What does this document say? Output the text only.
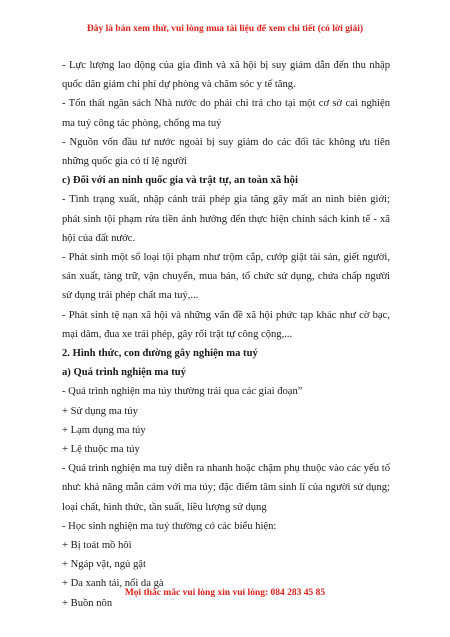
Đây là bản xem thử, vui lòng mua tài liệu để xem chi tiết (có lời giải)

- Lực lượng lao động của gia đình và xã hội bị suy giảm dẫn đến thu nhập quốc dân giảm chi phí dự phòng và chăm sóc y tế tăng.

- Tổn thất ngân sách Nhà nước do phải chi trả cho tại một cơ sở cai nghiện ma tuý công tác phòng, chống ma tuý

- Nguồn vốn đầu tư nước ngoài bị suy giảm do các đối tác không ưu tiên những quốc gia có tỉ lệ người

c) Đối với an ninh quốc gia và trật tự, an toàn xã hội

- Tình trạng xuất, nhập cảnh trái phép gia tăng gây mất an ninh biên giới; phát sinh tội phạm rửa tiền ảnh hưởng đến thực hiện chính sách kinh tế - xã hội của đất nước.

- Phát sinh một số loại tội phạm như trộm cắp, cướp giật tài sản, giết người, sản xuất, tàng trữ, vận chuyển, mua bán, tổ chức sử dụng, chứa chấp người sử dụng trái phép chất ma tuý,...

- Phát sinh tệ nạn xã hội và những vấn đề xã hội phức tạp khác như cờ bạc, mại dâm, đua xe trái phép, gây rối trật tự công cộng,...

2. Hình thức, con đường gây nghiện ma tuý

a) Quá trình nghiện ma tuý

- Quá trình nghiện ma túy thường trải qua các giai đoạn”

+ Sử dụng ma túy

+ Lạm dụng ma túy

+ Lệ thuộc ma túy

- Quá trình nghiện ma tuý diễn ra nhanh hoặc chậm phụ thuộc vào các yếu tố như: khả năng mẫn cảm với ma túy; đặc điểm tâm sinh lí của người sử dụng; loại chất, hình thức, tần suất, liều lượng sử dụng

- Học sinh nghiện ma tuý thường có các biểu hiện:

+ Bị toát mồ hôi

+ Ngáp vặt, ngủ gật

+ Da xanh tái, nổi da gà

+ Buồn nôn

Mọi thắc mắc vui lòng xin vui lòng: 084 283 45 85
